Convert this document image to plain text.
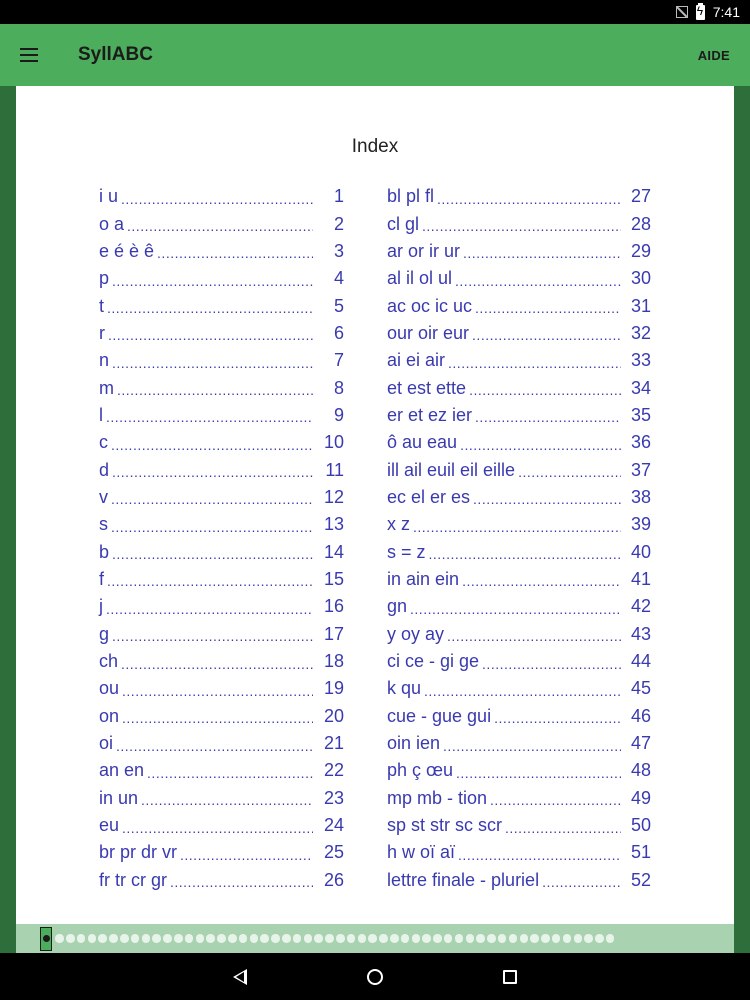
ϟ
7:41
SyllABC	AIDE
Index
i u .....	1
o a .....	2
e é è ê .....	3
p .....	4
t .....	5
r .....	6
n .....	7
m .....	8
l .....	9
c .....	10
d .....	11
v .....	12
s .....	13
b .....	14
f .....	15
j .....	16
g .....	17
ch .....	18
ou .....	19
on .....	20
oi .....	21
an en .....	22
in un .....	23
eu .....	24
br pr dr vr .....	25
fr tr cr gr .....	26
bl pl fl .....	27
cl gl .....	28
ar or ir ur .....	29
al il ol ul .....	30
ac oc ic uc .....	31
our oir eur .....	32
ai ei air .....	33
et est ette .....	34
er et ez ier .....	35
ô au eau .....	36
ill ail euil eil eille .....	37
ec el er es .....	38
x z .....	39
s = z .....	40
in ain ein .....	41
gn .....	42
y oy ay .....	43
ci ce - gi ge .....	44
k qu .....	45
cue - gue gui .....	46
oin ien .....	47
ph ç œu .....	48
mp mb - tion .....	49
sp st str sc scr .....	50
h w oï aï .....	51
lettre finale - pluriel .....	52
